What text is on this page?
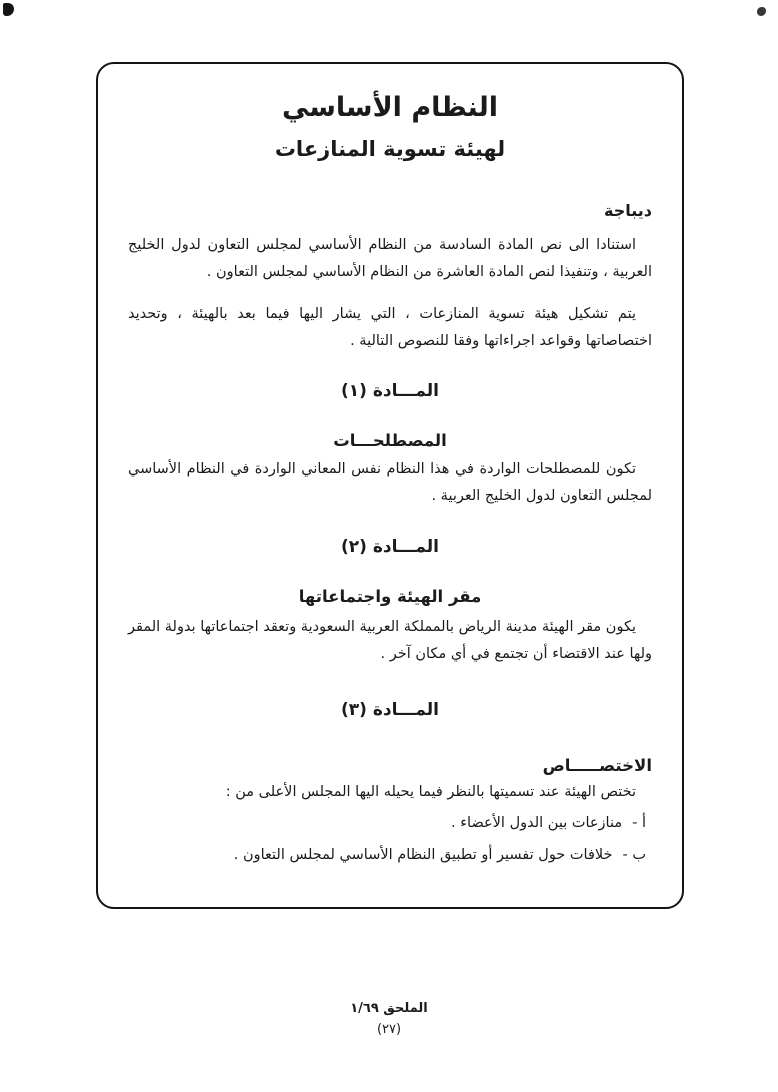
النظام الأساسي
لهيئة تسوية المنازعات
ديباجة

استنادا الى نص المادة السادسة من النظام الأساسي لمجلس التعاون لدول الخليج العربية ، وتنفيذا لنص المادة العاشرة من النظام الأساسي لمجلس التعاون .

يتم تشكيل هيئة تسوية المنازعات ، التي يشار اليها فيما بعد بالهيئة ، وتحديد اختصاصاتها وقواعد اجراءاتها وفقا للنصوص التالية .

المـــادة (١)
المصطلحـــات

تكون للمصطلحات الواردة في هذا النظام نفس المعاني الواردة في النظام الأساسي لمجلس التعاون لدول الخليج العربية .

المـــادة (٢)
مقر الهيئة واجتماعاتها

يكون مقر الهيئة مدينة الرياض بالمملكة العربية السعودية وتعقد اجتماعاتها بدولة المقر ولها عند الاقتضاء أن تجتمع في أي مكان آخر .

المـــادة (٣)
الاختصـــــاص

تختص الهيئة عند تسميتها بالنظر فيما يحيله اليها المجلس الأعلى من :

أ -
منازعات بين الدول الأعضاء .
ب -
خلافات حول تفسير أو تطبيق النظام الأساسي لمجلس التعاون .
الملحق ١/٦٩
(٢٧)
